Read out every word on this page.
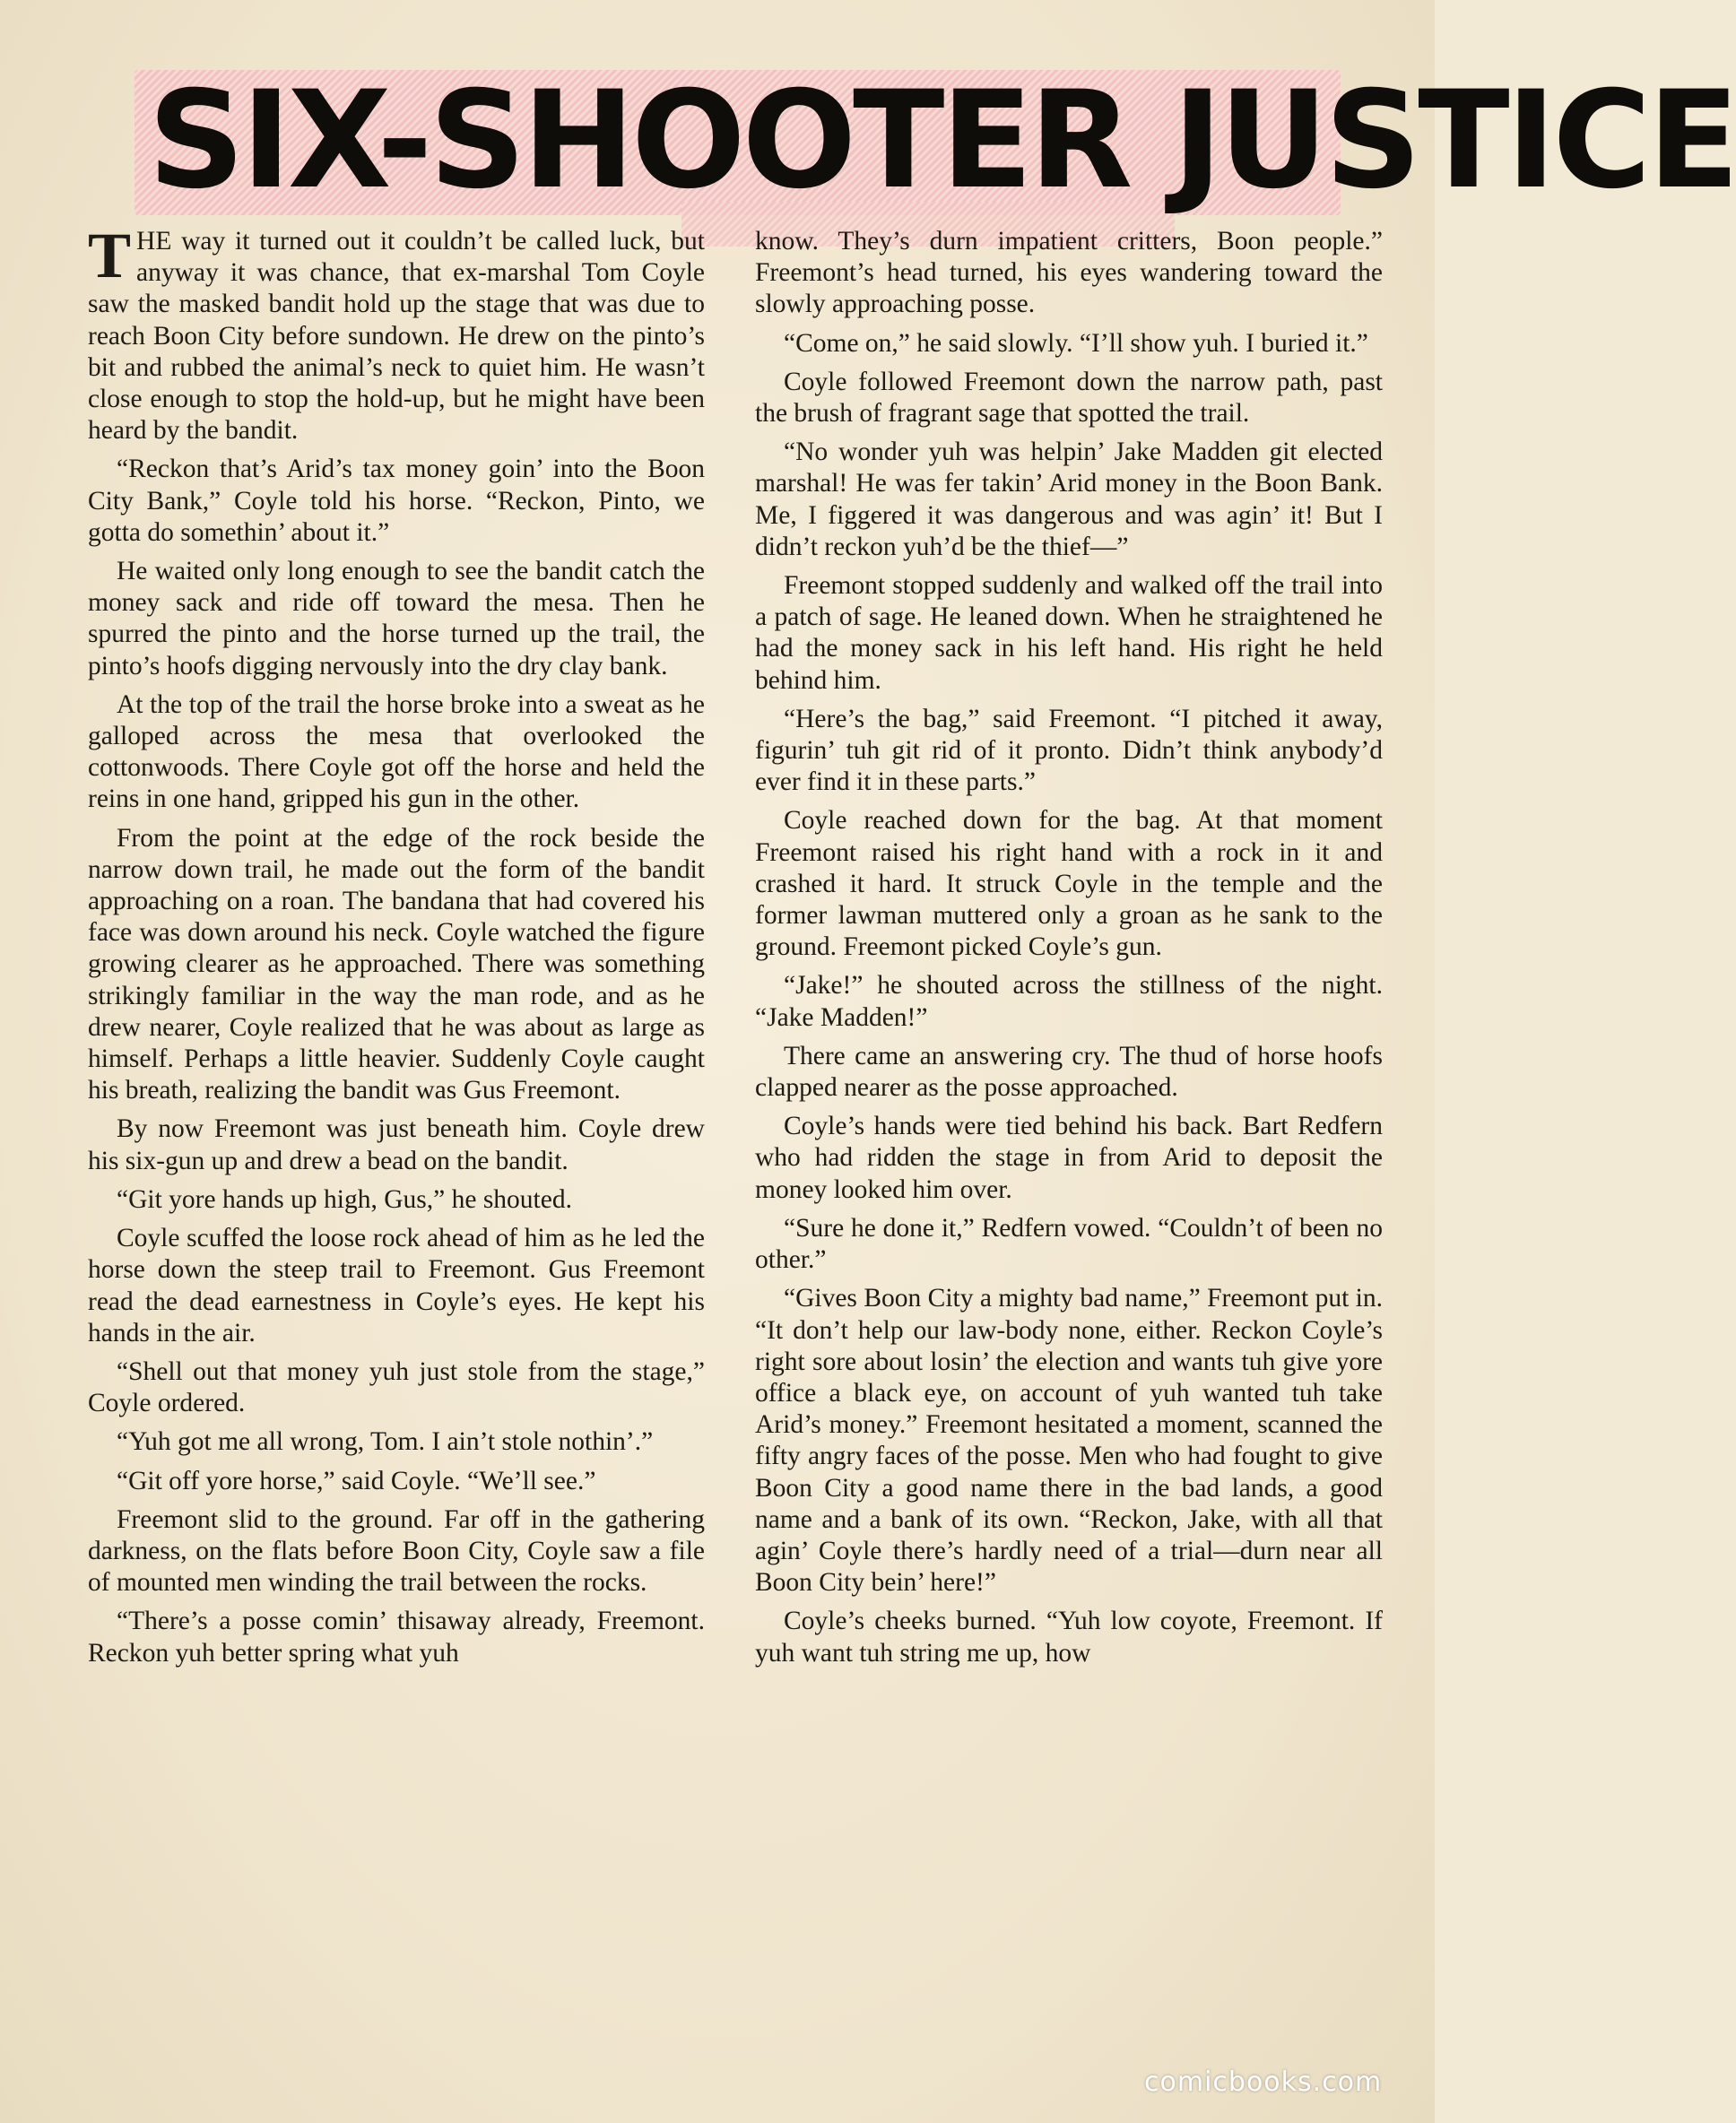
SIX-SHOOTER JUSTICE

THE way it turned out it couldn’t be called luck, but anyway it was chance, that ex-marshal Tom Coyle saw the masked bandit hold up the stage that was due to reach Boon City before sundown. He drew on the pinto’s bit and rubbed the animal’s neck to quiet him. He wasn’t close enough to stop the hold-up, but he might have been heard by the bandit.

“Reckon that’s Arid’s tax money goin’ into the Boon City Bank,” Coyle told his horse. “Reckon, Pinto, we gotta do somethin’ about it.”

He waited only long enough to see the bandit catch the money sack and ride off toward the mesa. Then he spurred the pinto and the horse turned up the trail, the pinto’s hoofs digging nervously into the dry clay bank.

At the top of the trail the horse broke into a sweat as he galloped across the mesa that overlooked the cottonwoods. There Coyle got off the horse and held the reins in one hand, gripped his gun in the other.

From the point at the edge of the rock beside the narrow down trail, he made out the form of the bandit approaching on a roan. The bandana that had covered his face was down around his neck. Coyle watched the figure growing clearer as he approached. There was something strikingly familiar in the way the man rode, and as he drew nearer, Coyle realized that he was about as large as himself. Perhaps a little heavier. Suddenly Coyle caught his breath, realizing the bandit was Gus Freemont.

By now Freemont was just beneath him. Coyle drew his six-gun up and drew a bead on the bandit.

“Git yore hands up high, Gus,” he shouted.

Coyle scuffed the loose rock ahead of him as he led the horse down the steep trail to Freemont. Gus Freemont read the dead earnestness in Coyle’s eyes. He kept his hands in the air.

“Shell out that money yuh just stole from the stage,” Coyle ordered.

“Yuh got me all wrong, Tom. I ain’t stole nothin’.”

“Git off yore horse,” said Coyle. “We’ll see.”

Freemont slid to the ground. Far off in the gathering darkness, on the flats before Boon City, Coyle saw a file of mounted men winding the trail between the rocks.

“There’s a posse comin’ thisaway already, Freemont. Reckon yuh better spring what yuh

know. They’s durn impatient critters, Boon people.” Freemont’s head turned, his eyes wandering toward the slowly approaching posse.

“Come on,” he said slowly. “I’ll show yuh. I buried it.”

Coyle followed Freemont down the narrow path, past the brush of fragrant sage that spotted the trail.

“No wonder yuh was helpin’ Jake Madden git elected marshal! He was fer takin’ Arid money in the Boon Bank. Me, I figgered it was dangerous and was agin’ it! But I didn’t reckon yuh’d be the thief—”

Freemont stopped suddenly and walked off the trail into a patch of sage. He leaned down. When he straightened he had the money sack in his left hand. His right he held behind him.

“Here’s the bag,” said Freemont. “I pitched it away, figurin’ tuh git rid of it pronto. Didn’t think anybody’d ever find it in these parts.”

Coyle reached down for the bag. At that moment Freemont raised his right hand with a rock in it and crashed it hard. It struck Coyle in the temple and the former lawman muttered only a groan as he sank to the ground. Freemont picked Coyle’s gun.

“Jake!” he shouted across the stillness of the night. “Jake Madden!”

There came an answering cry. The thud of horse hoofs clapped nearer as the posse approached.

Coyle’s hands were tied behind his back. Bart Redfern who had ridden the stage in from Arid to deposit the money looked him over.

“Sure he done it,” Redfern vowed. “Couldn’t of been no other.”

“Gives Boon City a mighty bad name,” Freemont put in. “It don’t help our law-body none, either. Reckon Coyle’s right sore about losin’ the election and wants tuh give yore office a black eye, on account of yuh wanted tuh take Arid’s money.” Freemont hesitated a moment, scanned the fifty angry faces of the posse. Men who had fought to give Boon City a good name there in the bad lands, a good name and a bank of its own. “Reckon, Jake, with all that agin’ Coyle there’s hardly need of a trial—durn near all Boon City bein’ here!”

Coyle’s cheeks burned. “Yuh low coyote, Freemont. If yuh want tuh string me up, how

comicbooks.com
